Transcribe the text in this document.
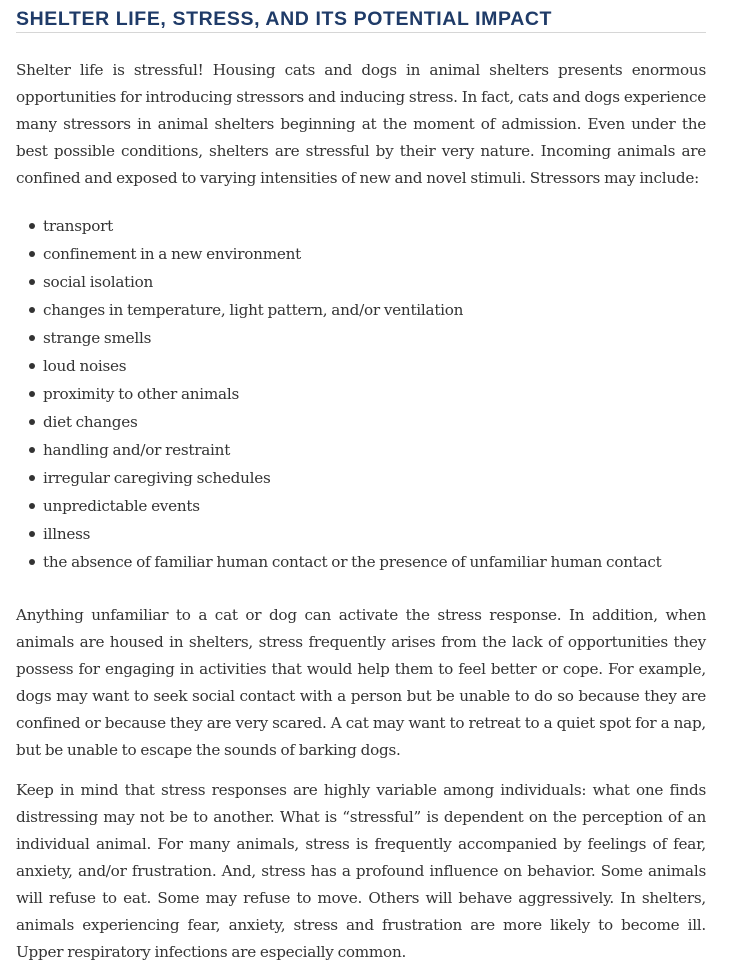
SHELTER LIFE, STRESS, AND ITS POTENTIAL IMPACT

Shelter life is stressful! Housing cats and dogs in animal shelters presents enormous opportunities for introducing stressors and inducing stress. In fact, cats and dogs experience many stressors in animal shelters beginning at the moment of admission. Even under the best possible conditions, shelters are stressful by their very nature. Incoming animals are confined and exposed to varying intensities of new and novel stimuli. Stressors may include:

transport
confinement in a new environment
social isolation
changes in temperature, light pattern, and/or ventilation
strange smells
loud noises
proximity to other animals
diet changes
handling and/or restraint
irregular caregiving schedules
unpredictable events
illness
the absence of familiar human contact or the presence of unfamiliar human contact

Anything unfamiliar to a cat or dog can activate the stress response. In addition, when animals are housed in shelters, stress frequently arises from the lack of opportunities they possess for engaging in activities that would help them to feel better or cope. For example, dogs may want to seek social contact with a person but be unable to do so because they are confined or because they are very scared. A cat may want to retreat to a quiet spot for a nap, but be unable to escape the sounds of barking dogs.

Keep in mind that stress responses are highly variable among individuals: what one finds distressing may not be to another. What is “stressful” is dependent on the perception of an individual animal. For many animals, stress is frequently accompanied by feelings of fear, anxiety, and/or frustration. And, stress has a profound influence on behavior. Some animals will refuse to eat. Some may refuse to move. Others will behave aggressively. In shelters, animals experiencing fear, anxiety, stress and frustration are more likely to become ill. Upper respiratory infections are especially common.
